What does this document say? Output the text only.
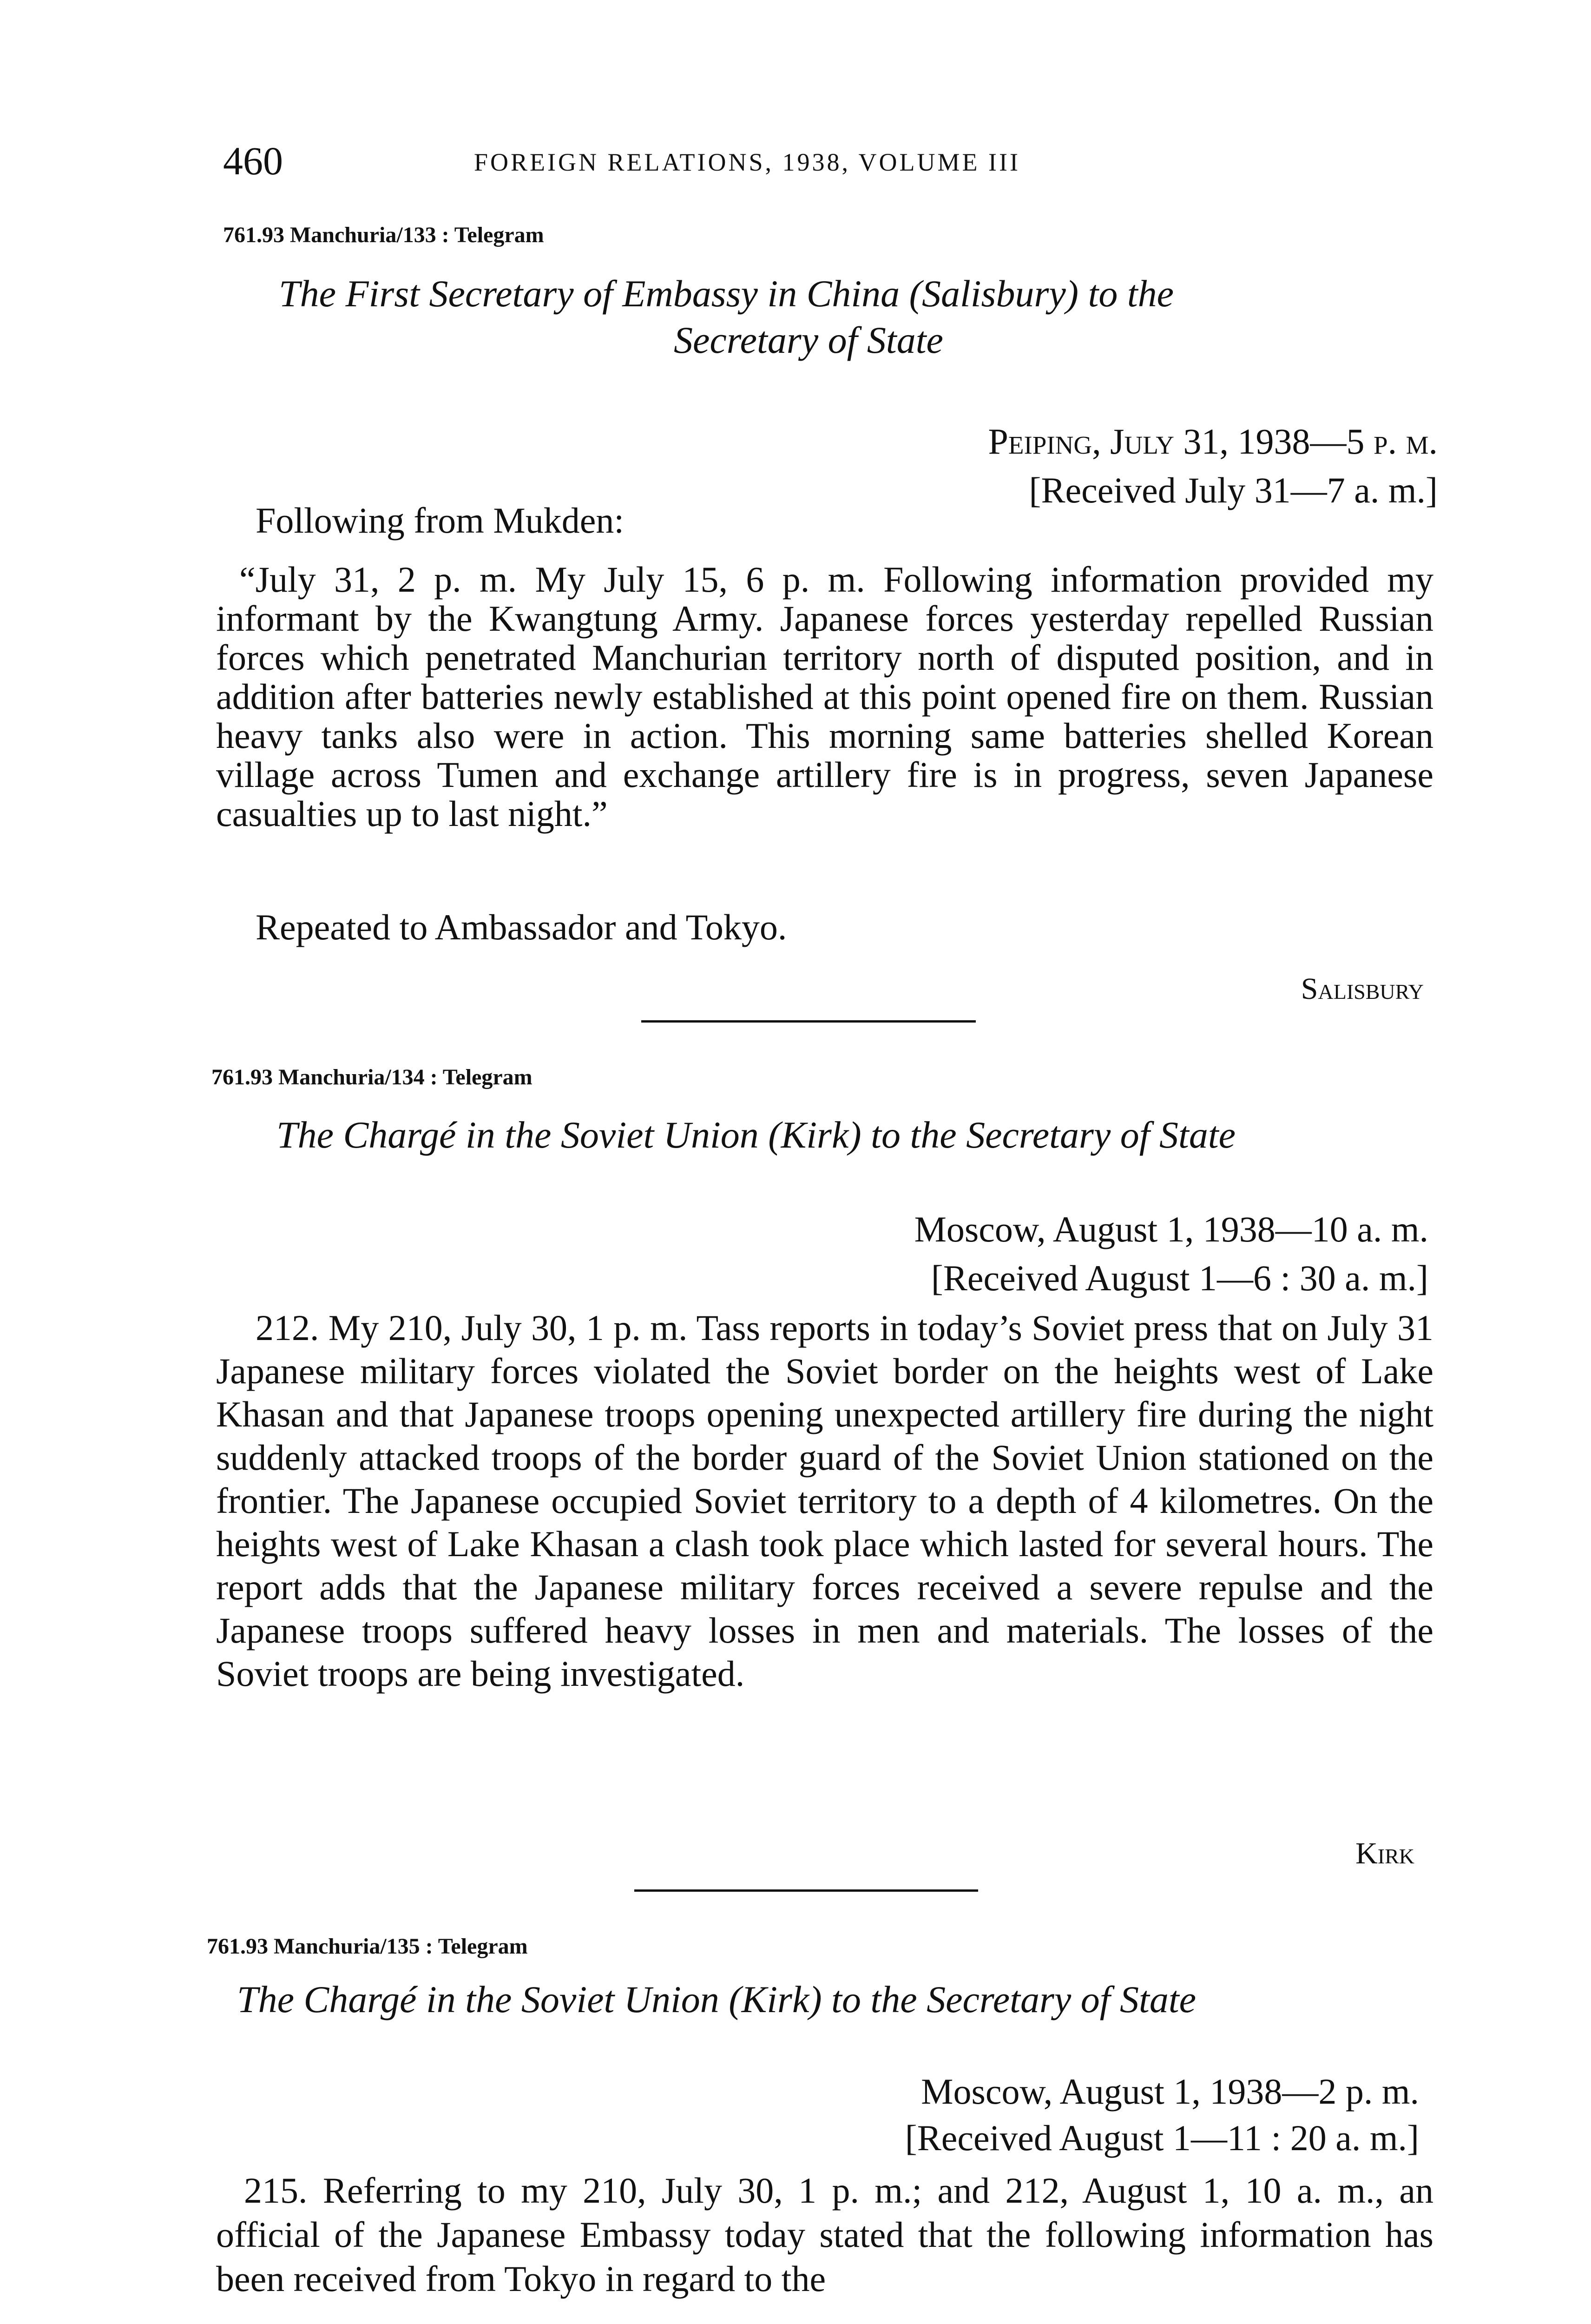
460	FOREIGN RELATIONS, 1938, VOLUME III
761.93 Manchuria/133 : Telegram
The First Secretary of Embassy in China (Salisbury) to the
Secretary of State
Peiping, July 31, 1938—5 p. m.
[Received July 31—7 a. m.]
Following from Mukden:
“July 31, 2 p. m. My July 15, 6 p. m. Following information provided my informant by the Kwangtung Army. Japanese forces yesterday repelled Russian forces which penetrated Manchurian territory north of disputed position, and in addition after batteries newly established at this point opened fire on them. Russian heavy tanks also were in action. This morning same batteries shelled Korean village across Tumen and exchange artillery fire is in progress, seven Japanese casualties up to last night.”
Repeated to Ambassador and Tokyo.
Salisbury
761.93 Manchuria/134 : Telegram
The Chargé in the Soviet Union (Kirk) to the Secretary of State
Moscow, August 1, 1938—10 a. m.
[Received August 1—6 : 30 a. m.]
212. My 210, July 30, 1 p. m. Tass reports in today’s Soviet press that on July 31 Japanese military forces violated the Soviet border on the heights west of Lake Khasan and that Japanese troops opening unexpected artillery fire during the night suddenly attacked troops of the border guard of the Soviet Union stationed on the frontier. The Japanese occupied Soviet territory to a depth of 4 kilometres. On the heights west of Lake Khasan a clash took place which lasted for several hours. The report adds that the Japanese military forces received a severe repulse and the Japanese troops suffered heavy losses in men and materials. The losses of the Soviet troops are being investigated.
Kirk
761.93 Manchuria/135 : Telegram
The Chargé in the Soviet Union (Kirk) to the Secretary of State
Moscow, August 1, 1938—2 p. m.
[Received August 1—11 : 20 a. m.]
215. Referring to my 210, July 30, 1 p. m.; and 212, August 1, 10 a. m., an official of the Japanese Embassy today stated that the following information has been received from Tokyo in regard to the
